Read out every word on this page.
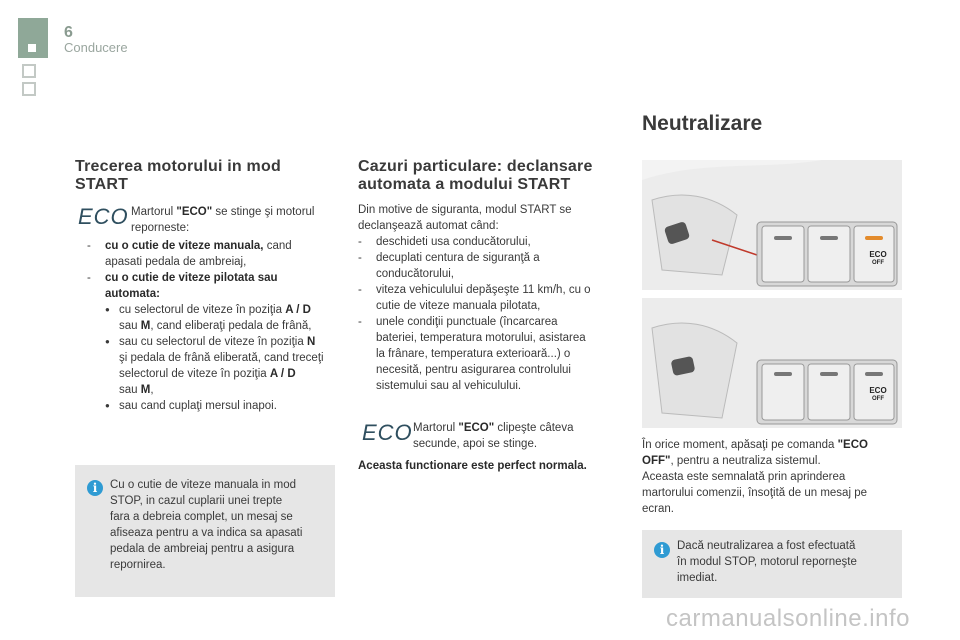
6
Conducere
Trecerea motorului in mod
START
ECO Martorul "ECO" se stinge şi motorul
reporneste:
-	cu o cutie de viteze manuala, cand
apasati pedala de ambreiaj,
-	cu o cutie de viteze pilotata sau
automata:
● cu selectorul de viteze în poziţia A / D
sau M, cand eliberaţi pedala de frână,
● sau cu selectorul de viteze în poziţia N
şi pedala de frână eliberată, cand treceţi
selectorul de viteze în poziţia A / D
sau M,
● sau cand cuplaţi mersul inapoi.
i	Cu o cutie de viteze manuala in mod
STOP, in cazul cuplarii unei trepte
fara a debreia complet, un mesaj se
afiseaza pentru a va indica sa apasati
pedala de ambreiaj pentru a asigura
repornirea.
Cazuri particulare: declansare
automata a modului START
Din motive de siguranta, modul START se
declanşează automat când:
-	deschideti usa conducătorului,
-	decuplati centura de siguranţă a
conducătorului,
-	viteza vehiculului depăşeşte 11 km/h, cu o
cutie de viteze manuala pilotata,
-	unele condiţii punctuale (încarcarea
bateriei, temperatura motorului, asistarea
la frânare, temperatura exterioară...) o
necesită, pentru asigurarea controlului
sistemului sau al vehiculului.
ECO Martorul "ECO" clipeşte câteva
secunde, apoi se stinge.
Aceasta functionare este perfect normala.
Neutralizare
ECO
OFF
ECO
OFF
În orice moment, apăsaţi pe comanda "ECO
OFF", pentru a neutraliza sistemul.
Aceasta este semnalată prin aprinderea
martorului comenzii, însoţită de un mesaj pe
ecran.
i	Dacă neutralizarea a fost efectuată
în modul STOP, motorul reporneşte
imediat.
carmanualsonline.info
